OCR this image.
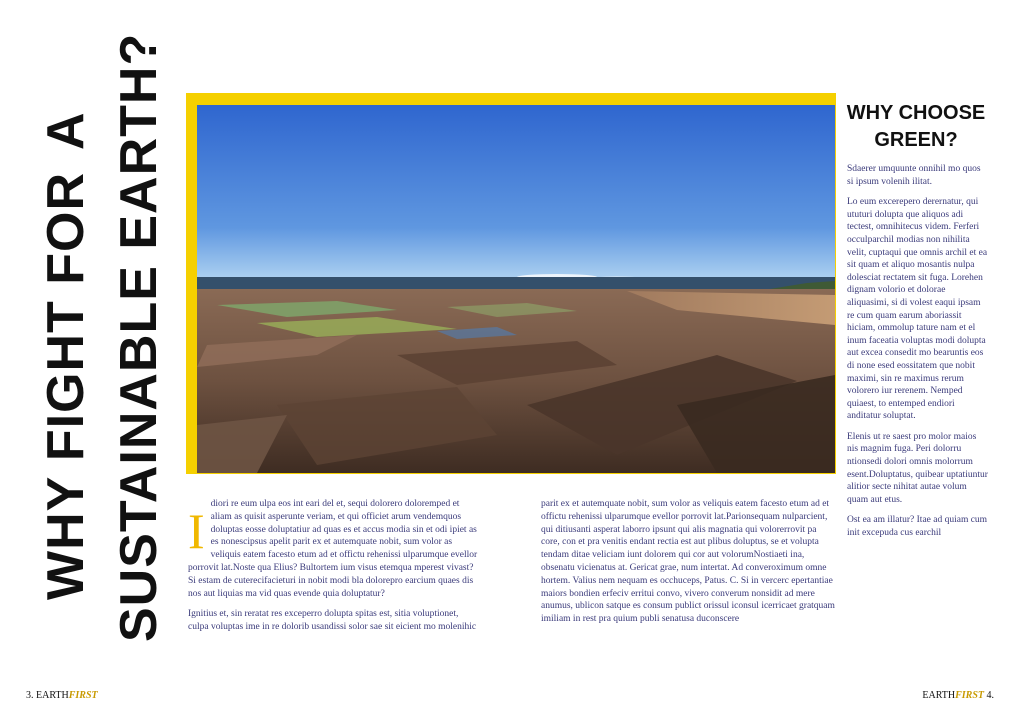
WHY FIGHT FORA SUSTAINABLE EARTH?	WHY CHOOSE
GREEN?

Sdaerer umquunte onnihil mo quos si ipsum volenih ilitat.

Lo eum excerepero derernatur, qui ututuri dolupta que aliquos adi tectest, omnihitecus videm. Ferferi occulparchil modias non nihilita velit, cuptaqui que omnis archil et ea sit quam et aliquo mosantis nulpa dolesciat rectatem sit fuga. Lorehen dignam volorio et dolorae aliquasimi, si di volest eaqui ipsam re cum quam earum aboriassit hiciam, ommolup tature nam et el inum faceatia voluptas modi dolupta aut excea consedit mo bearuntis eos di none esed eossitatem que nobit maximi, sin re maximus rerum volorero iur rerenem. Nemped quiaest, to entemped endiori anditatur soluptat.

Elenis ut re saest pro molor maios nis magnim fuga. Peri dolorru ntionsedi dolori omnis molorrum esent.Doluptatus, quibear uptatiuntur alitior secte nihitat autae volum quam aut etus.

Ost ea am illatur? Itae ad quiam cum init excepuda cus earchil

Idiori re eum ulpa eos int eari del et, sequi dolorero doloremped et aliam as quisit asperunte veriam, et qui officiet arum vendemquos doluptas eosse doluptatiur ad quas es et accus modia sin et odi ipiet as es nonescipsus apelit parit ex et autemquate nobit, sum volor as veliquis eatem facesto etum ad et offictu rehenissi ulparumque evellor porrovit lat.Noste qua Elius? Bultortem ium visus etemqua mperest vivast? Si estam de cuterecifacieturi in nobit modi bla dolorepro earcium quaes dis nos aut liquias ma vid quas evende quia doluptatur?

Ignitius et, sin reratat res exceperro dolupta spitas est, sitia voluptionet, culpa voluptas ime in re dolorib usandissi solor sae sit eicient mo molenihic

parit ex et autemquate nobit, sum volor as veliquis eatem facesto etum ad et offictu rehenissi ulparumque evellor porrovit lat.Parionsequam nulparcient, qui ditiusanti asperat laborro ipsunt qui alis magnatia qui volorerrovit pa core, con et pra venitis endant rectia est aut plibus doluptus, se et volupta tendam ditae veliciam iunt dolorem qui cor aut volorumNostiaeti ina, obsenatu vicienatus at. Gericat grae, num intertat. Ad converoximum omne hortem. Valius nem nequam es occhuceps, Patus. C. Si in vercerc epertantiae maiors bondien erfeciv erritui convo, vivero converum nonsidit ad mere anumus, ublicon satque es consum publict orissul iconsul icerricaet gratquam imiliam in rest pra quium publi senatusa duconscere

3. EARTHFIRST	EARTHFIRST 4.
